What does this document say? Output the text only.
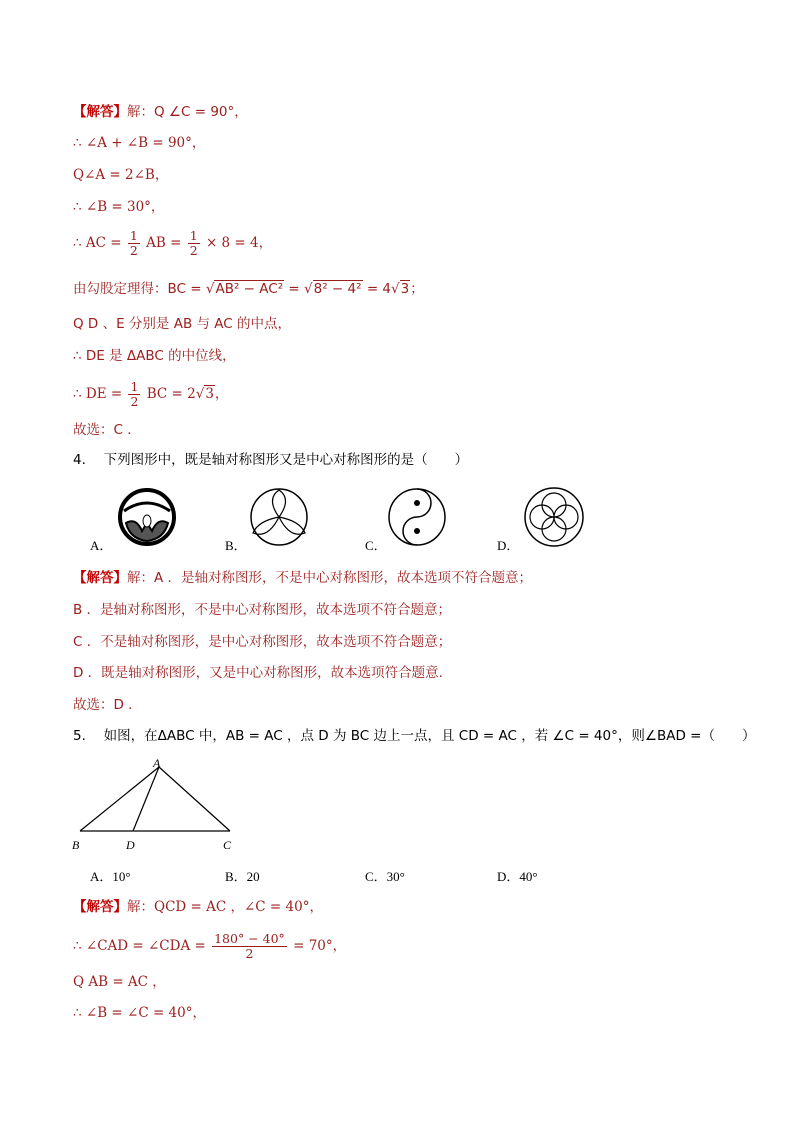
【解答】解：Q ∠C = 90°，
∴ ∠A + ∠B = 90°，
Q∠A = 2∠B，
∴ ∠B = 30°，
∴ AC = $\frac{1}{2}$ AB = $\frac{1}{2} \times 8 = 4$，
由勾股定理得：BC = √AB² − AC² = √8² − 4² = 4√3；
Q D 、E 分别是 AB 与 AC 的中点，
∴ DE 是 ΔABC 的中位线，
∴ DE = $\frac{1}{2}$ BC = 2√3，
故选：C .
4.　 下列图形中，既是轴对称图形又是中心对称图形的是（　　）
A．	B．	C．	D．
【解答】解：A ．是轴对称图形，不是中心对称图形，故本选项不符合题意；
B ．是轴对称图形，不是中心对称图形，故本选项不符合题意；
C ．不是轴对称图形，是中心对称图形，故本选项不符合题意；
D ．既是轴对称图形，又是中心对称图形，故本选项符合题意.
故选：D .
5.　 如图，在ΔABC 中，AB = AC ，点 D 为 BC 边上一点，且 CD = AC ，若 ∠C = 40°，则∠BAD =（　　）
A
B	D	C
A．10°	B．20	C．30°	D．40°
【解答】解：QCD = AC ，∠C = 40°，
∴ ∠CAD = ∠CDA = $\frac{180^\circ - 40^\circ}{2} = 70^\circ$，
Q AB = AC ，
∴ ∠B = ∠C = 40°，
